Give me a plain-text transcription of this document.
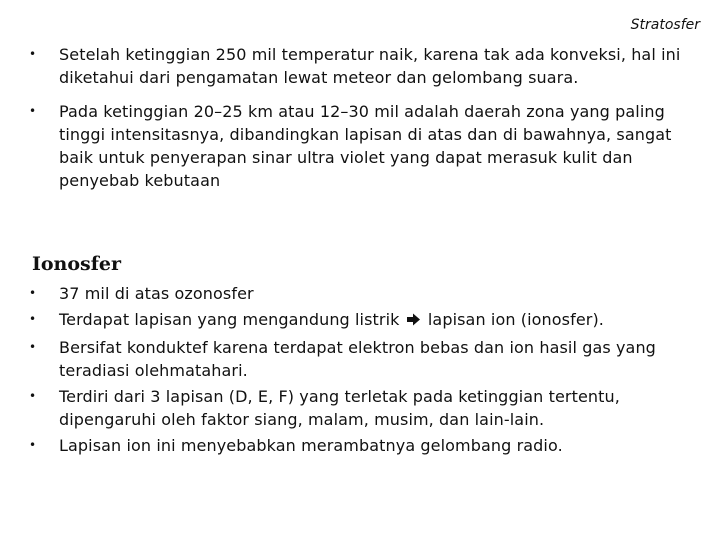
Stratosfer
• Setelah ketinggian 250 mil temperatur naik, karena tak ada konveksi, hal ini diketahui dari pengamatan lewat meteor dan gelombang suara.
• Pada ketinggian 20–25 km atau 12–30 mil adalah daerah zona yang paling tinggi intensitasnya, dibandingkan lapisan di atas dan di bawahnya, sangat baik untuk penyerapan sinar ultra violet yang dapat merasuk kulit dan penyebab kebutaan
Ionosfer
• 37 mil di atas ozonosfer
• Terdapat lapisan yang mengandung listrik lapisan ion (ionosfer).
• Bersifat konduktef karena terdapat elektron bebas dan ion hasil gas yang teradiasi olehmatahari.
• Terdiri dari 3 lapisan (D, E, F) yang terletak pada ketinggian tertentu, dipengaruhi oleh faktor siang, malam, musim, dan lain-lain.
• Lapisan ion ini menyebabkan merambatnya gelombang radio.
